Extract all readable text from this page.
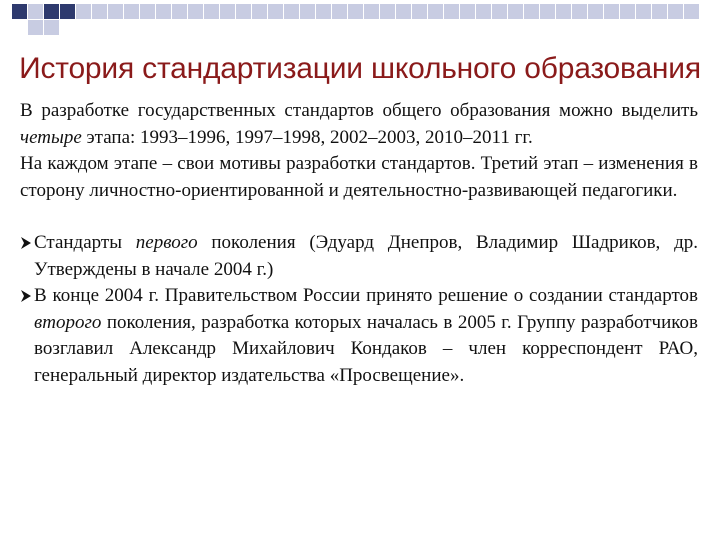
История стандартизации школьного образования

В разработке государственных стандартов общего образования можно выделить четыре этапа: 1993–1996, 1997–1998, 2002–2003, 2010–2011 гг.

На каждом этапе – свои мотивы разработки стандартов. Третий этап – изменения в сторону личностно-ориентированной и деятельностно-развивающей педагогики.

Стандарты первого поколения (Эдуард Днепров, Владимир Шадриков, др. Утверждены в начале 2004 г.)

В конце 2004 г. Правительством России принято решение о создании стандартов второго поколения, разработка которых началась в 2005 г. Группу разработчиков возглавил Александр Михайлович Кондаков – член корреспондент РАО, генеральный директор издательства «Просвещение».
